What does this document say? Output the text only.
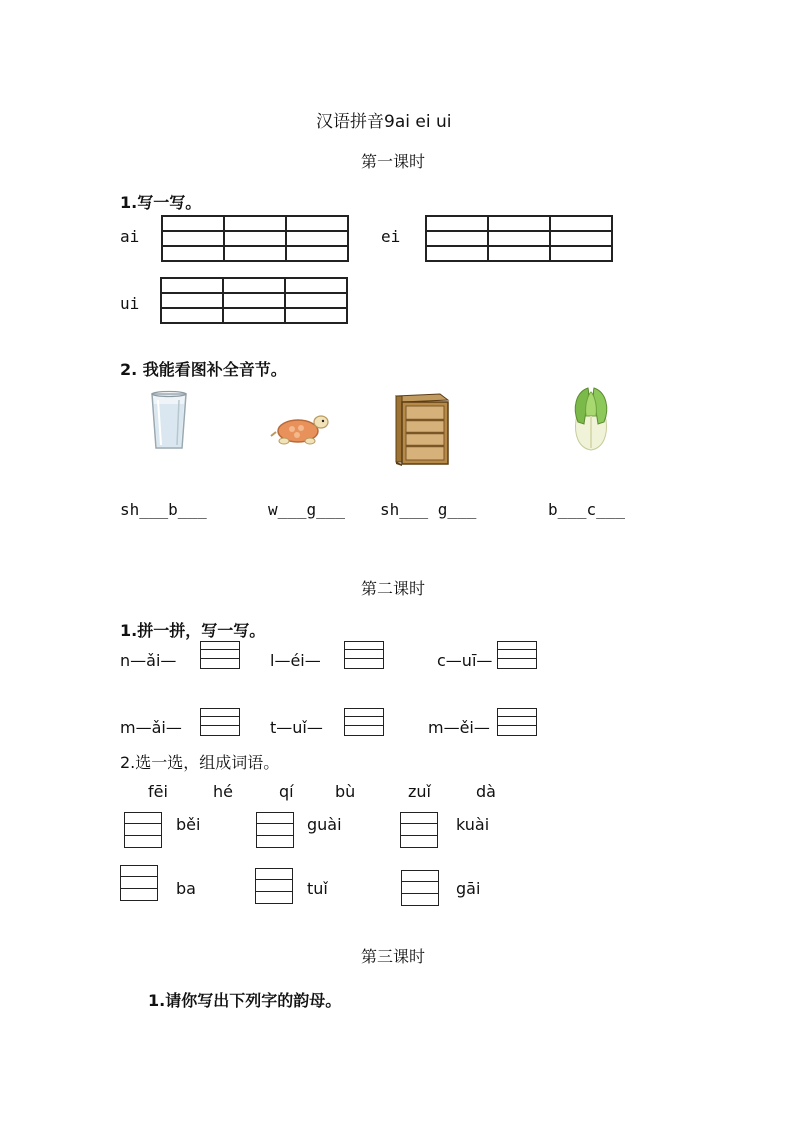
汉语拼音9ai ei ui
第一课时
1.写一写。
ai

			ei

ui

2. 我能看图补全音节。
sh___b___	w___g___ sh___ g___	b___c___
第二课时
1.拼一拼，写一写。
n—ǎi—	l—éi—	c—uī—
m—ǎi—	t—uǐ—	m—ěi—
2.选一选，组成词语。
fēi	hé	qí	bù	zuǐ	dà
běi	guài	kuài
ba	tuǐ	gāi
第三课时
1.请你写出下列字的韵母。
